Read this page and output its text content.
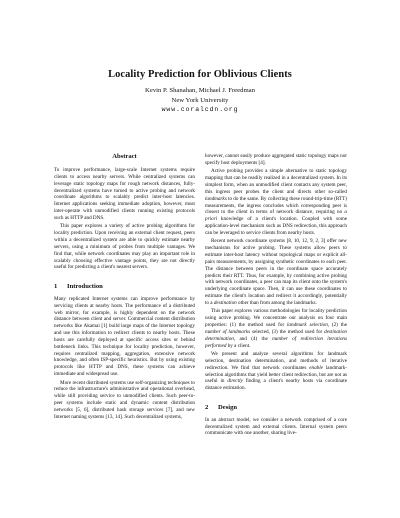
Locality Prediction for Oblivious Clients
Kevin P. Shanahan, Michael J. Freedman
New York University
www.coralcdn.org
Abstract

To improve performance, large-scale Internet systems require clients to access nearby servers. While centralized systems can leverage static topology maps for rough network distances, fully-decentralized systems have turned to active probing and network coordinate algorithms to scalably predict inter-host latencies. Internet applications seeking immediate adoption, however, must inter-operate with unmodified clients running existing protocols such as HTTP and DNS.

This paper explores a variety of active probing algorithms for locality prediction. Upon receiving an external client request, peers within a decentralized system are able to quickly estimate nearby servers, using a minimum of probes from multiple vantages. We find that, while network coordinates may play an important role in scalably choosing effective vantage points, they are not directly useful for predicting a client's nearest servers.

1 Introduction

Many replicated Internet systems can improve performance by servicing clients at nearby hosts. The performance of a distributed web mirror, for example, is highly dependent on the network distance between client and server. Commercial content distribution networks like Akamai [1] build large maps of the Internet topology and use this information to redirect clients to nearby hosts. These hosts are carefully deployed at specific access sites or behind bottleneck links. This technique for locality prediction, however, requires centralized mapping, aggregation, extensive network knowledge, and often ISP-specific heuristics. But by using existing protocols like HTTP and DNS, these systems can achieve immediate and widespread use.

More recent distributed systems use self-organizing techniques to reduce the infrastructure's administrative and operational overhead, while still providing service to unmodified clients. Such peer-to-peer systems include static and dynamic content distribution networks [5, 6], distributed hash storage services [7], and new Internet naming systems [13, 14]. Such decentralized systems,

however, cannot easily produce aggregated static topology maps nor specify host deployments [4].

Active probing provides a simple alternative to static topology mapping that can be readily realized in a decentralized system. In its simplest form, when an unmodified client contacts any system peer, this ingress peer probes the client and directs other so-called landmarks to do the same. By collecting these round-trip-time (RTT) measurements, the ingress concludes which corresponding peer is closest to the client in terms of network distance, requiring no a priori knowledge of a client's location. Coupled with some application-level mechanism such as DNS redirection, this approach can be leveraged to service clients from nearby hosts.

Recent network coordinate systems [8, 10, 12, 9, 2, 3] offer new mechanisms for active probing. These systems allow peers to estimate inter-host latency without topological maps or explicit all-pairs measurements, by assigning synthetic coordinates to each peer. The distance between peers in the coordinate space accurately predicts their RTT. Thus, for example, by combining active probing with network coordinates, a peer can map its client onto the system's underlying coordinate space. Then, it can use these coordinates to estimate the client's location and redirect it accordingly, potentially to a destination other than from among the landmarks.

This paper explores various methodologies for locality prediction using active probing. We concentrate our analysis on four main properties: (1) the method used for landmark selection, (2) the number of landmarks selected, (3) the method used for destination determination, and (4) the number of redirection iterations performed by a client.

We present and analyze several algorithms for landmark selection, destination determination, and methods of iterative redirection. We find that network coordinates enable landmark-selection algorithms that yield better client redirection, but are not as useful in directly finding a client's nearby hosts via coordinate distance estimation.

2 Design

In an abstract model, we consider a network comprised of a core decentralized system and external clients. Internal system peers communicate with one another, sharing live-
